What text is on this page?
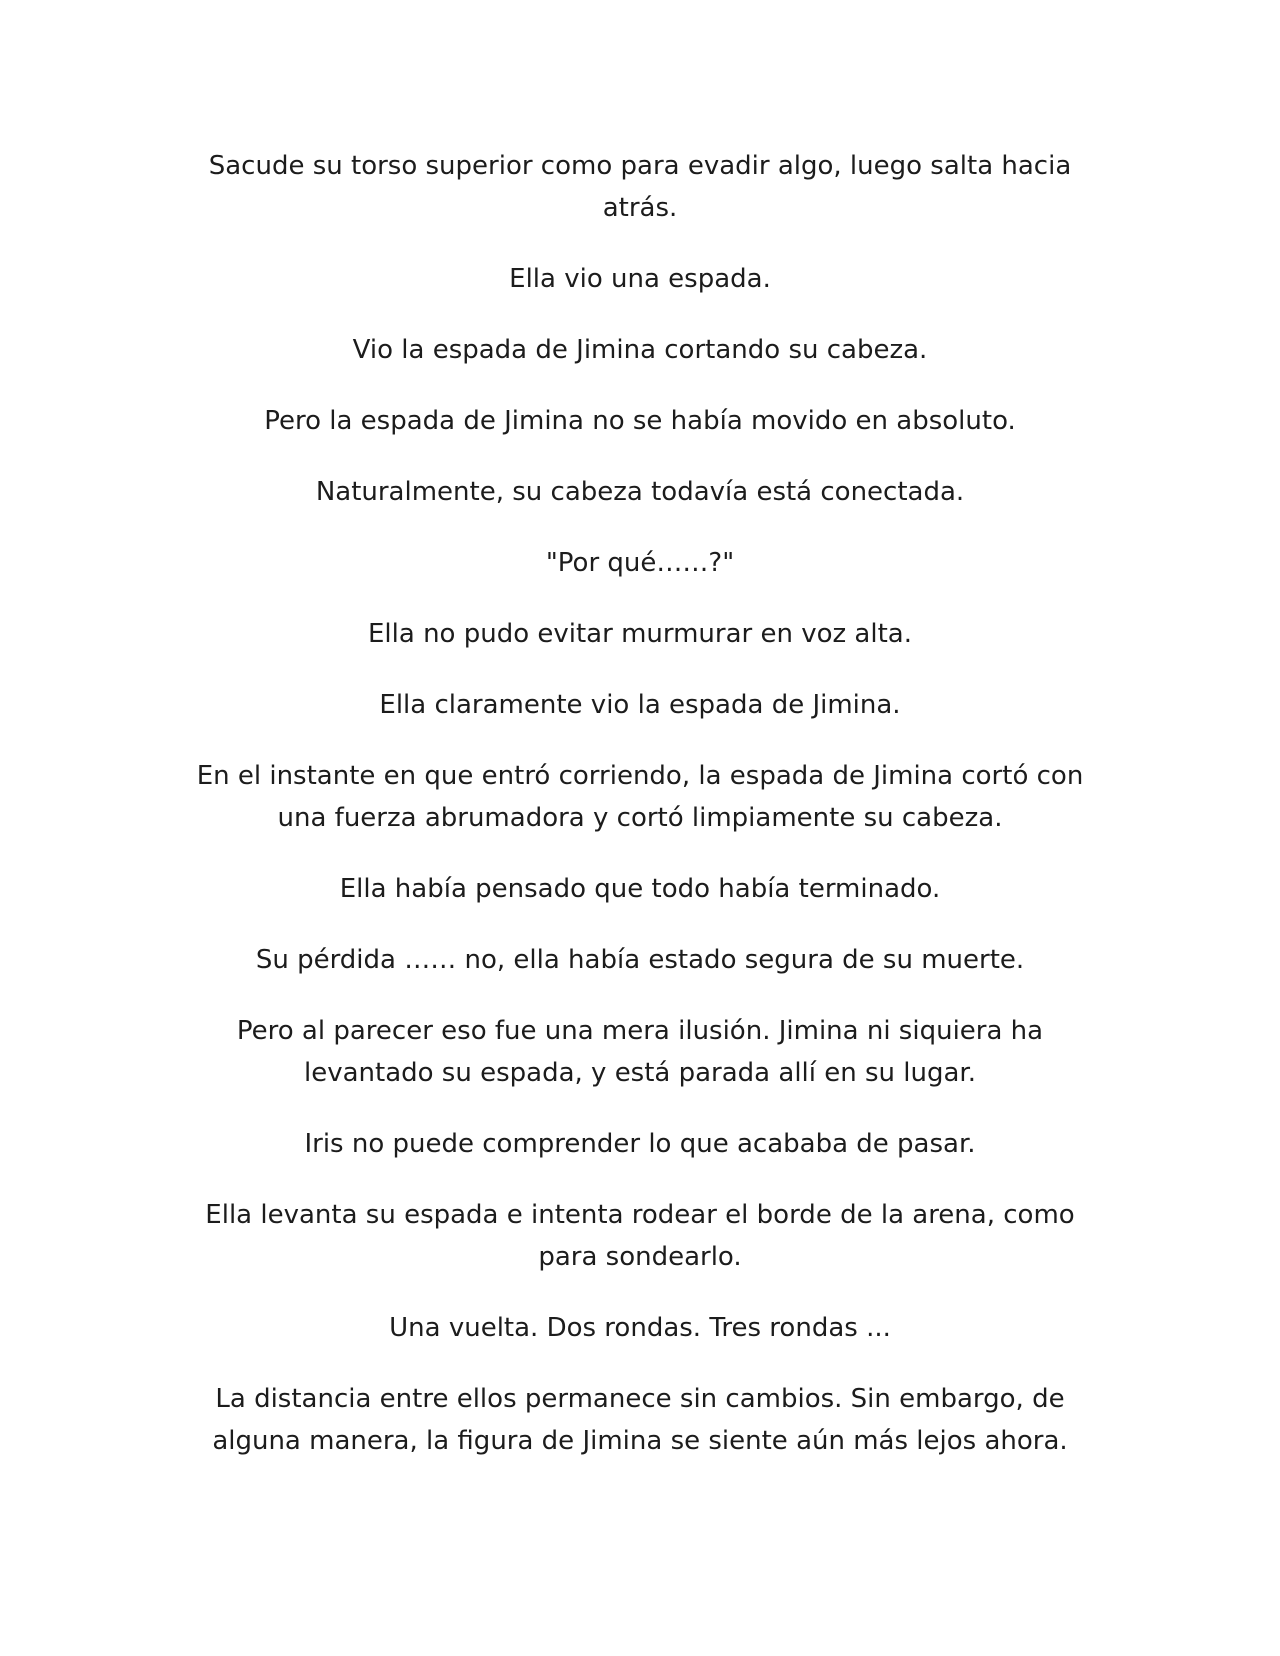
Sacude su torso superior como para evadir algo, luego salta hacia atrás.

Ella vio una espada.

Vio la espada de Jimina cortando su cabeza.

Pero la espada de Jimina no se había movido en absoluto.

Naturalmente, su cabeza todavía está conectada.

"Por qué……?"

Ella no pudo evitar murmurar en voz alta.

Ella claramente vio la espada de Jimina.

En el instante en que entró corriendo, la espada de Jimina cortó con una fuerza abrumadora y cortó limpiamente su cabeza.

Ella había pensado que todo había terminado.

Su pérdida …… no, ella había estado segura de su muerte.

Pero al parecer eso fue una mera ilusión. Jimina ni siquiera ha levantado su espada, y está parada allí en su lugar.

Iris no puede comprender lo que acababa de pasar.

Ella levanta su espada e intenta rodear el borde de la arena, como para sondearlo.

Una vuelta. Dos rondas. Tres rondas ...

La distancia entre ellos permanece sin cambios. Sin embargo, de alguna manera, la figura de Jimina se siente aún más lejos ahora.
